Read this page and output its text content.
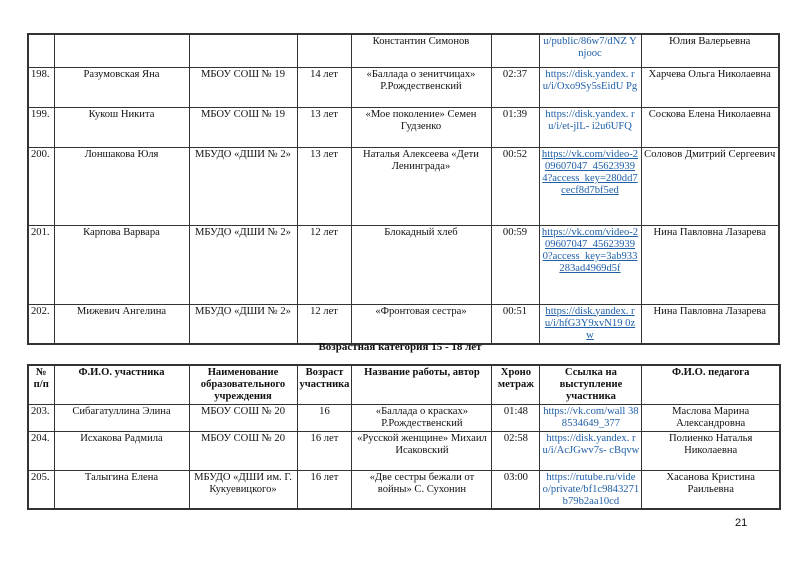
				Константин Симонов		u/public/86w7/dNZ Ynjooc	Юлия Валерьевна
198.	Разумовская Яна	МБОУ СОШ № 19	14 лет	«Баллада о зенитчицах» Р.Рождественский	02:37	https://disk.yandex. ru/i/Oxo9Sy5sEidU Pg	Харчева Ольга Николаевна
199.	Кукош Никита	МБОУ СОШ № 19	13 лет	«Мое поколение» Семен Гудзенко	01:39	https://disk.yandex. ru/i/et-jlL- i2u6UFQ	Соскова Елена Николаевна
200.	Лоншакова Юля	МБУДО «ДШИ № 2»	13 лет	Наталья Алексеева «Дети Ленинграда»	00:52	https://vk.com/video-209607047_456239394?access_key=280dd7cecf8d7bf5ed	Соловов Дмитрий Сергеевич
201.	Карпова Варвара	МБУДО «ДШИ № 2»	12 лет	Блокадный хлеб	00:59	https://vk.com/video-209607047_456239390?access_key=3ab933283ad4969d5f	Нина Павловна Лазарева
202.	Мижевич Ангелина	МБУДО «ДШИ № 2»	12 лет	«Фронтовая сестра»	00:51	https://disk.yandex. ru/i/hfG3Y9xvN19 0zw	Нина Павловна Лазарева
Возрастная категория 15 - 18 лет
№ п/п	Ф.И.О. участника	Наименование образовательного учреждения	Возраст участника	Название работы, автор	Хроно метраж	Ссылка на выступление участника	Ф.И.О. педагога
203.	Сибагатуллина Элина	МБОУ СОШ № 20	16	«Баллада о красках» Р.Рождественский	01:48	https://vk.com/wall 388534649_377	Маслова Марина Александровна
204.	Исхакова Радмила	МБОУ СОШ № 20	16 лет	«Русской женщине» Михаил Исаковский	02:58	https://disk.yandex. ru/i/AcJGwv7s- cBqvw	Полиенко Наталья Николаевна
205.	Талыгина Елена	МБУДО «ДШИ им. Г. Кукуевицкого»	16 лет	«Две сестры бежали от войны» С. Сухонин	03:00	https://rutube.ru/video/private/bf1c9843271b79b2aa10cd	Хасанова Кристина Раильевна
21
